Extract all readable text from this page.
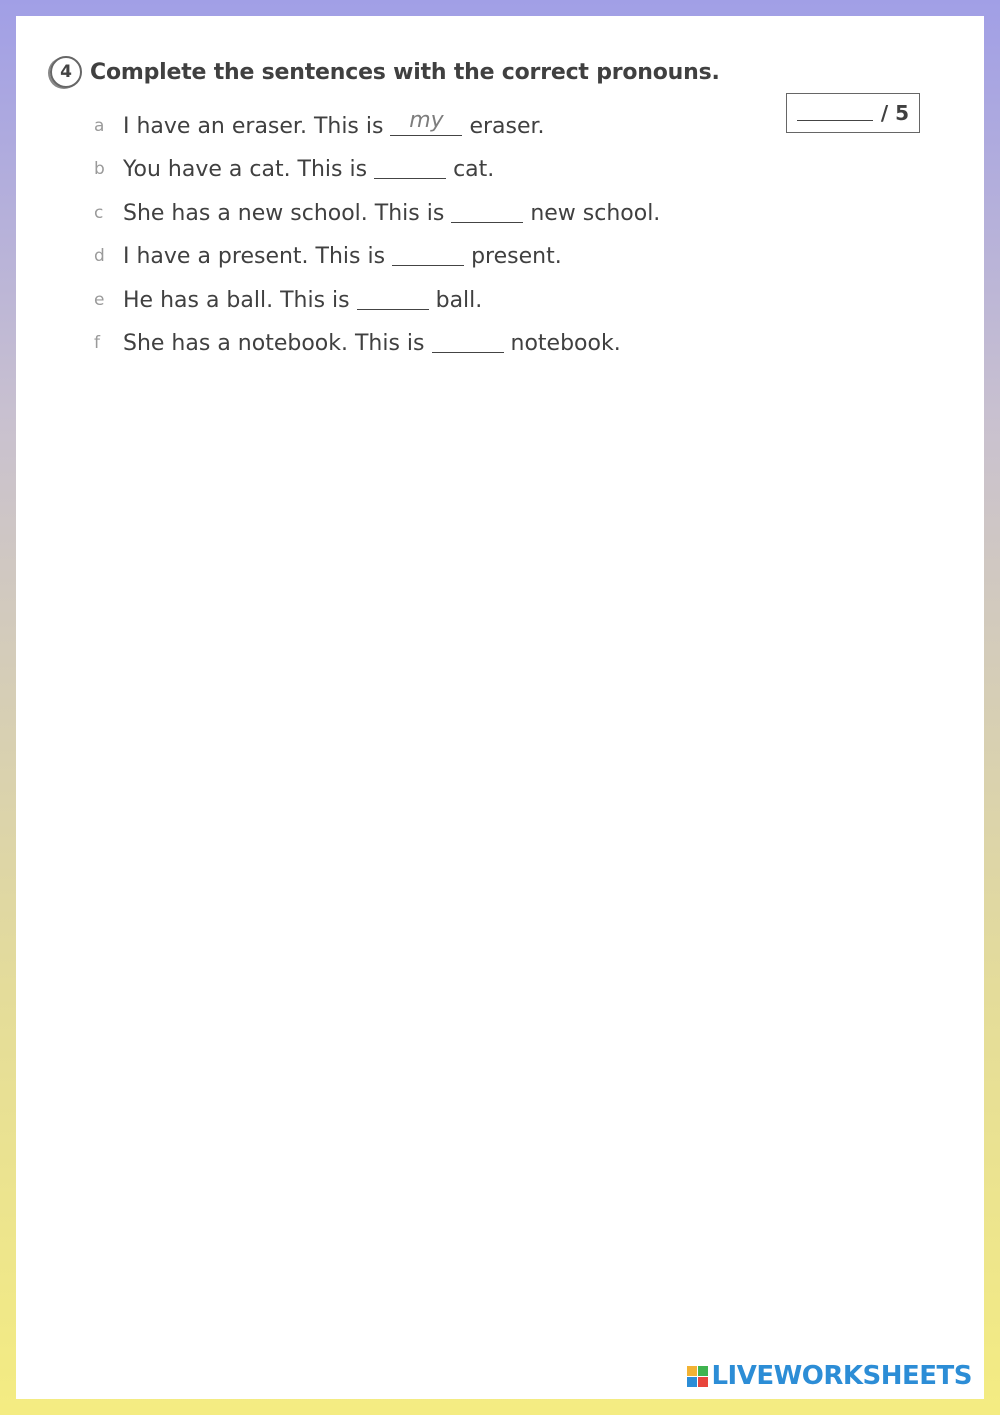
4 Complete the sentences with the correct pronouns.
/ 5
a I have an eraser. This is	my	eraser.
b You have a cat. This is	cat.
c She has a new school. This is	new school.
d I have a present. This is	present.
e He has a ball. This is	ball.
f	She has a notebook. This is	notebook.
LIVEWORKSHEETS
